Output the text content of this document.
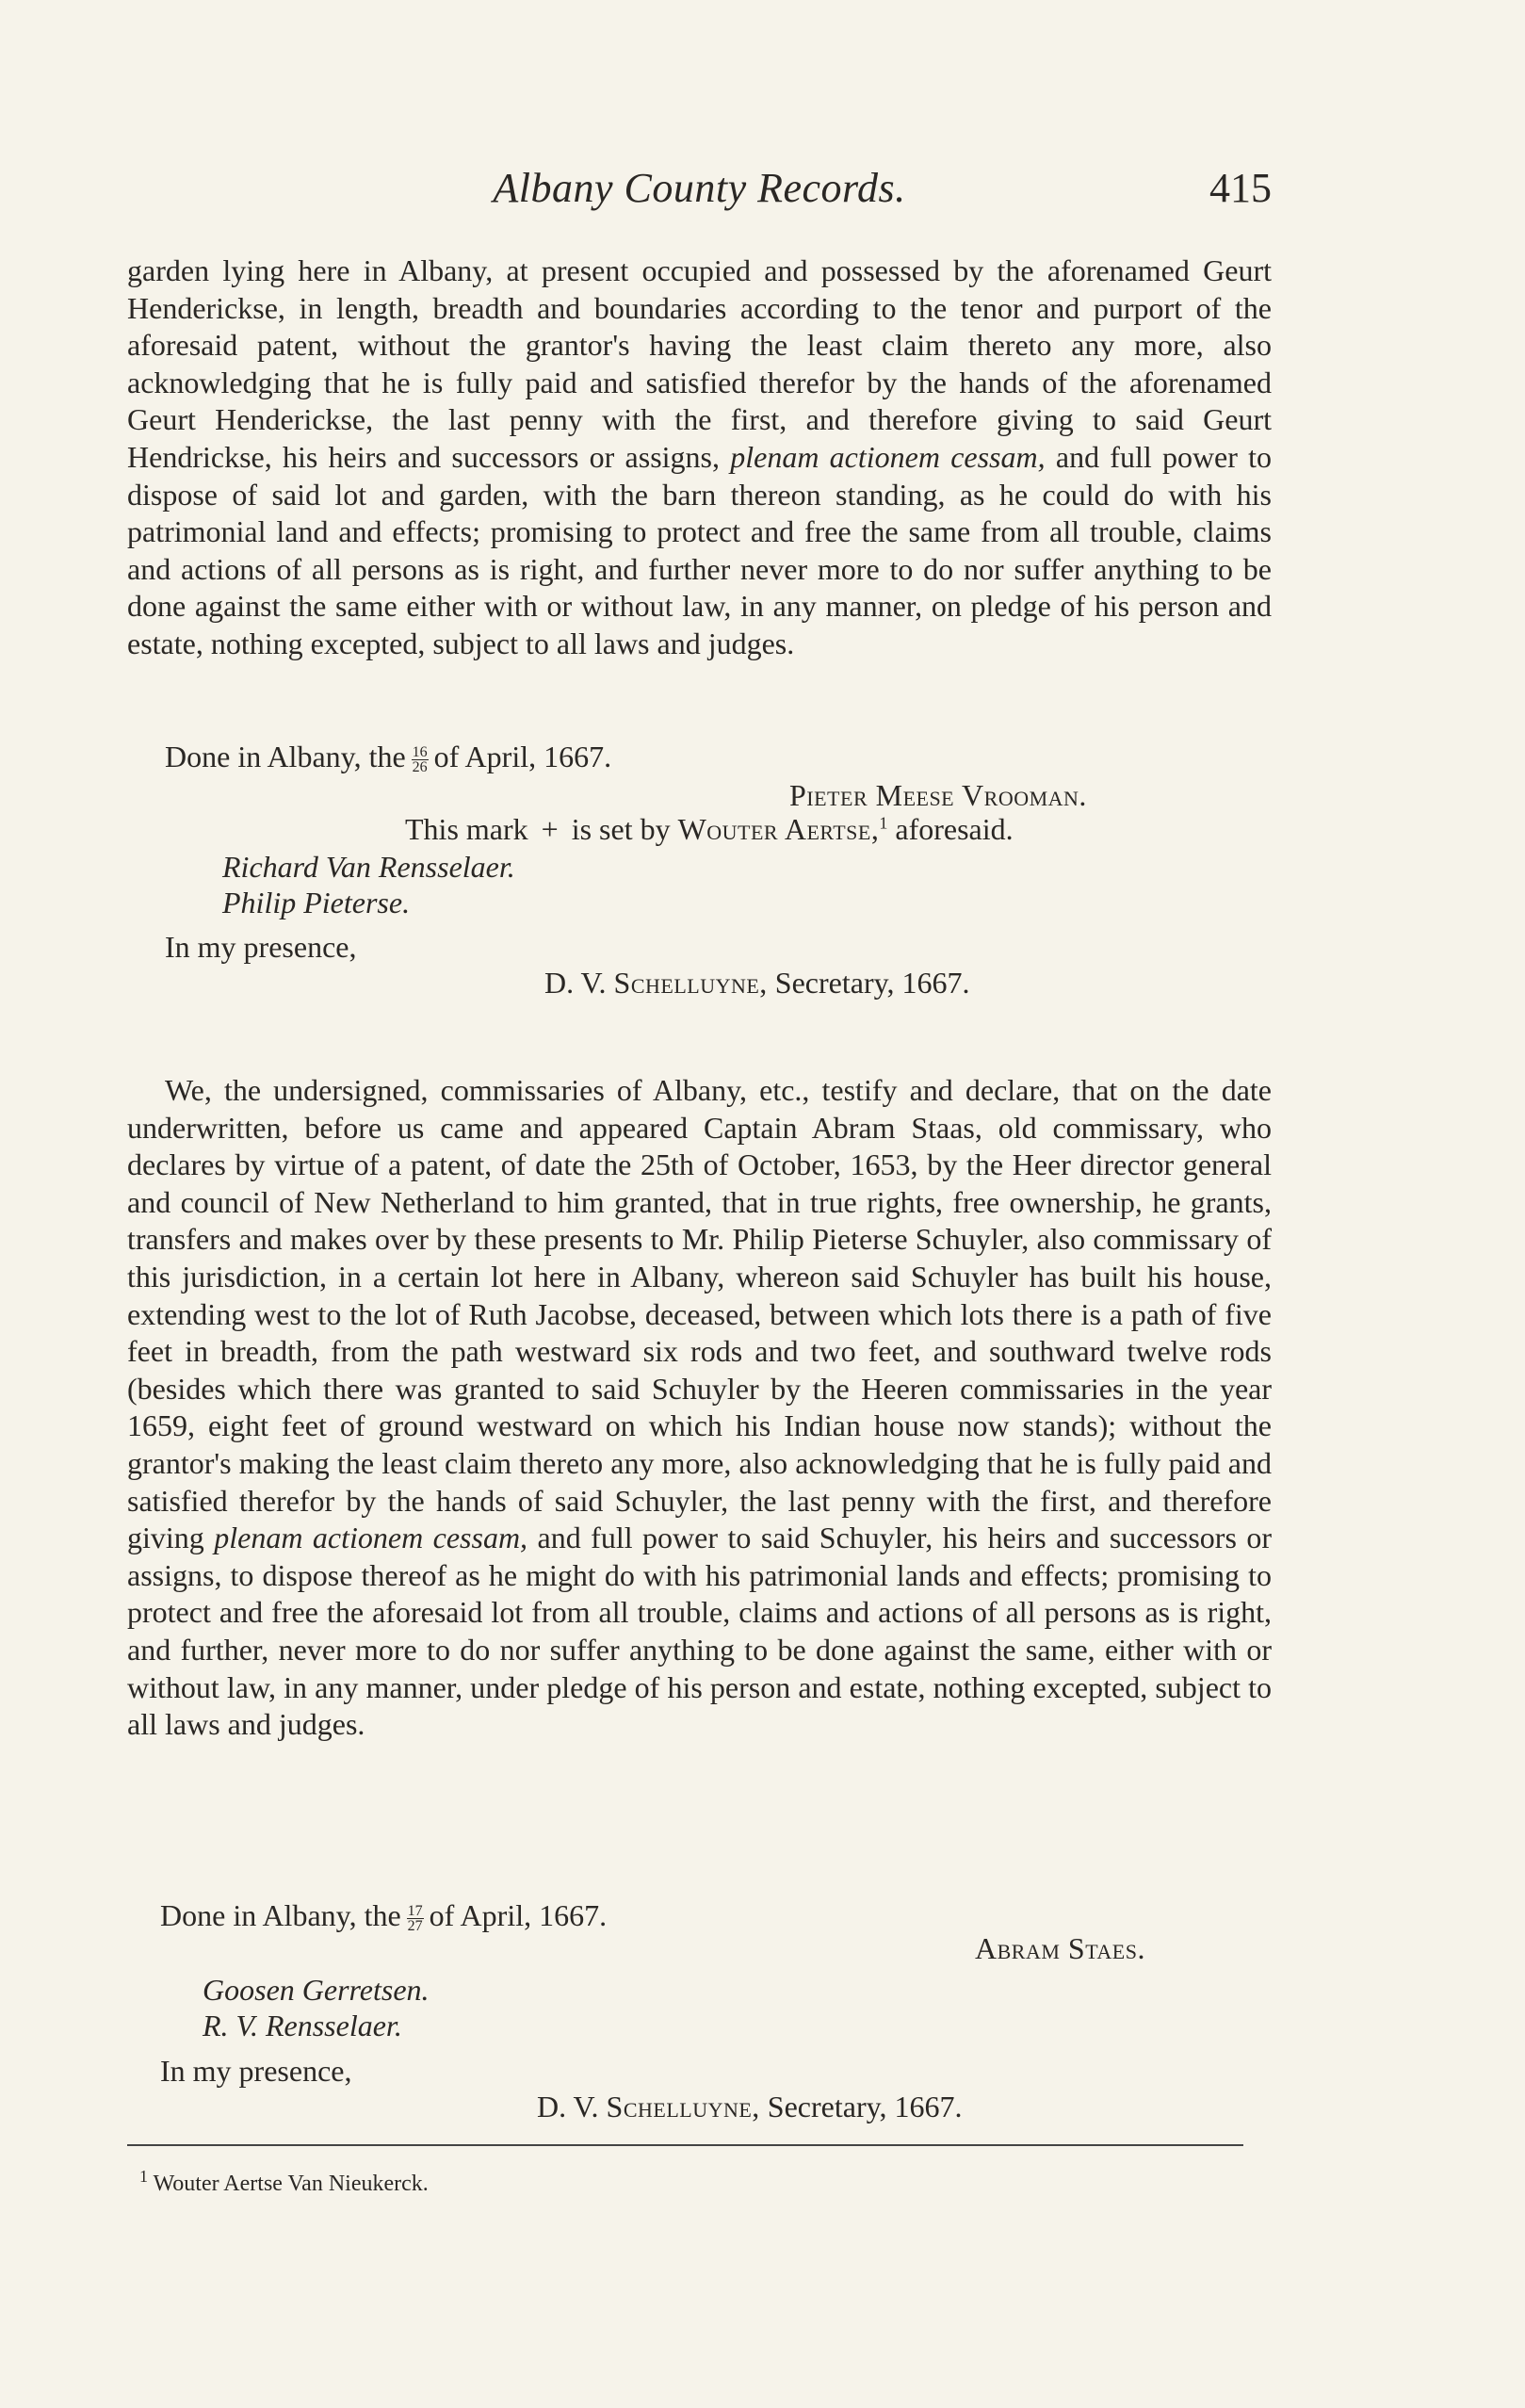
Albany County Records.	415

garden lying here in Albany, at present occupied and possessed by the aforenamed Geurt Henderickse, in length, breadth and boundaries according to the tenor and purport of the aforesaid patent, without the grantor's having the least claim thereto any more, also acknowledging that he is fully paid and satisfied therefor by the hands of the aforenamed Geurt Henderickse, the last penny with the first, and therefore giving to said Geurt Hendrickse, his heirs and successors or assigns, plenam actionem cessam, and full power to dispose of said lot and garden, with the barn thereon standing, as he could do with his patrimonial land and effects; promising to protect and free the same from all trouble, claims and actions of all persons as is right, and further never more to do nor suffer anything to be done against the same either with or without law, in any manner, on pledge of his person and estate, nothing excepted, subject to all laws and judges.

Done in Albany, the $\frac{16}{26}$ of April, 1667.
Pieter Meese Vrooman.
This mark + is set by Wouter Aertse,$^1$ aforesaid.
Richard Van Rensselaer.
Philip Pieterse.
In my presence,
D. V. Schelluyne, Secretary, 1667.

We, the undersigned, commissaries of Albany, etc., testify and declare, that on the date underwritten, before us came and appeared Captain Abram Staas, old commissary, who declares by virtue of a patent, of date the 25th of October, 1653, by the Heer director general and council of New Netherland to him granted, that in true rights, free ownership, he grants, transfers and makes over by these presents to Mr. Philip Pieterse Schuyler, also commissary of this jurisdiction, in a certain lot here in Albany, whereon said Schuyler has built his house, extending west to the lot of Ruth Jacobse, deceased, between which lots there is a path of five feet in breadth, from the path westward six rods and two feet, and southward twelve rods (besides which there was granted to said Schuyler by the Heeren commissaries in the year 1659, eight feet of ground westward on which his Indian house now stands); without the grantor's making the least claim thereto any more, also acknowledging that he is fully paid and satisfied therefor by the hands of said Schuyler, the last penny with the first, and therefore giving plenam actionem cessam, and full power to said Schuyler, his heirs and successors or assigns, to dispose thereof as he might do with his patrimonial lands and effects; promising to protect and free the aforesaid lot from all trouble, claims and actions of all persons as is right, and further, never more to do nor suffer anything to be done against the same, either with or without law, in any manner, under pledge of his person and estate, nothing excepted, subject to all laws and judges.

Done in Albany, the $\frac{17}{27}$ of April, 1667.
Abram Staes.
Goosen Gerretsen.
R. V. Rensselaer.
In my presence,
D. V. Schelluyne, Secretary, 1667.
$^1$ Wouter Aertse Van Nieukerck.
